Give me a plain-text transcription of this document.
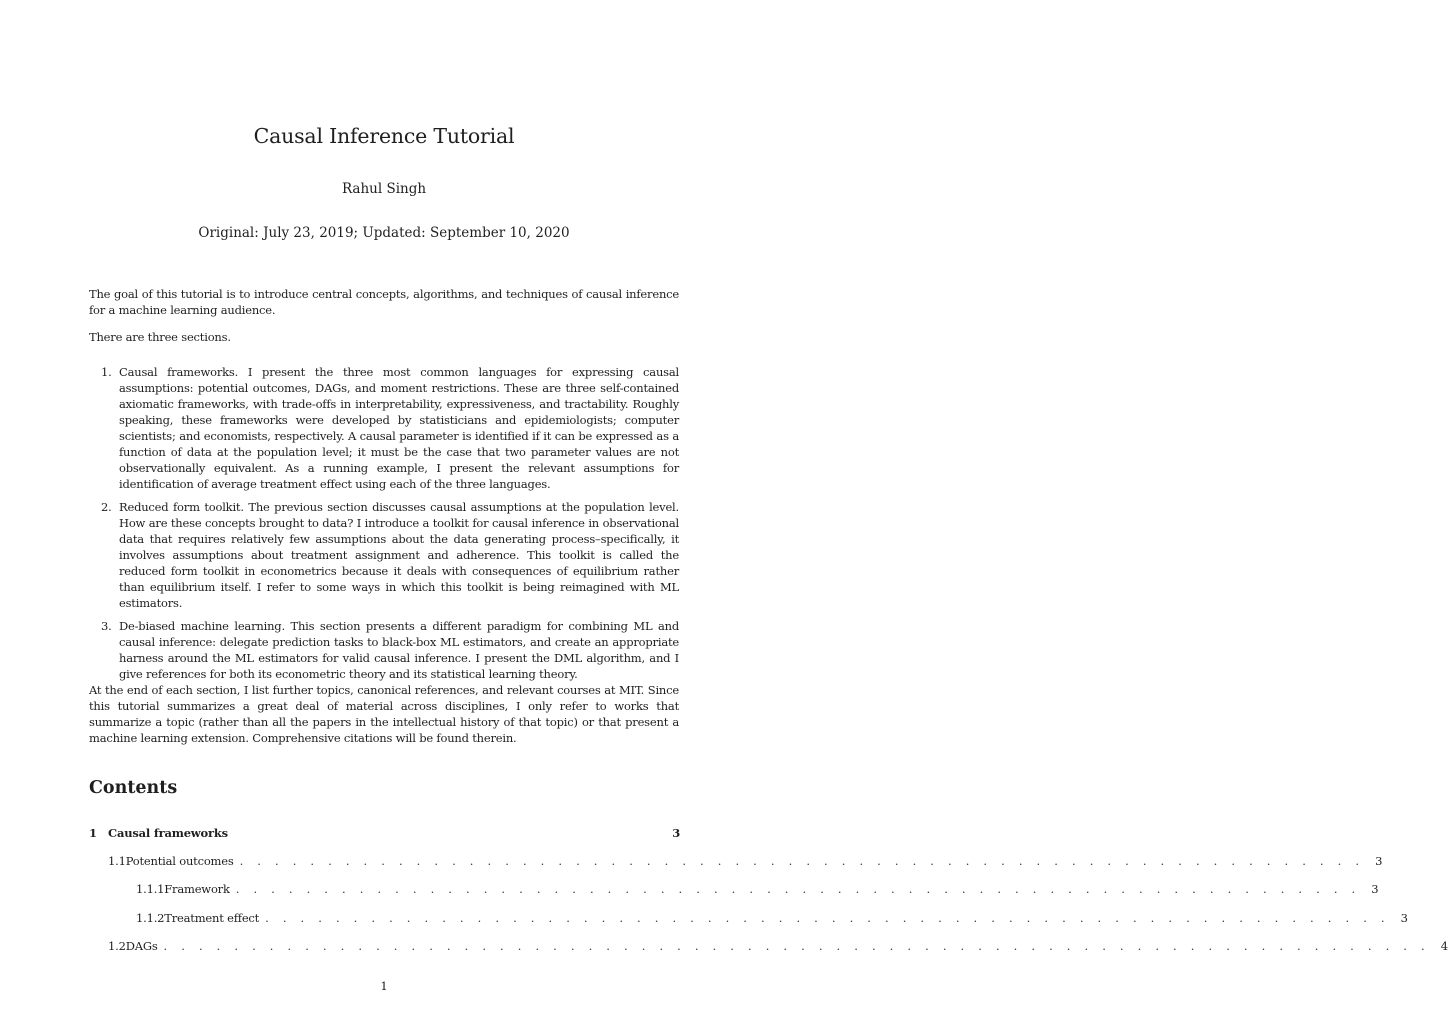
Causal Inference Tutorial
Rahul Singh
Original: July 23, 2019; Updated: September 10, 2020
The goal of this tutorial is to introduce central concepts, algorithms, and techniques of causal inference for a machine learning audience.
There are three sections.
1. Causal frameworks. I present the three most common languages for expressing causal assumptions: potential outcomes, DAGs, and moment restrictions. These are three self-contained axiomatic frameworks, with trade-offs in interpretability, expressiveness, and tractability. Roughly speaking, these frameworks were developed by statisticians and epidemiologists; computer scientists; and economists, respectively. A causal parameter is identified if it can be expressed as a function of data at the population level; it must be the case that two parameter values are not observationally equivalent. As a running example, I present the relevant assumptions for identification of average treatment effect using each of the three languages.
2. Reduced form toolkit. The previous section discusses causal assumptions at the population level. How are these concepts brought to data? I introduce a toolkit for causal inference in observational data that requires relatively few assumptions about the data generating process–specifically, it involves assumptions about treatment assignment and adherence. This toolkit is called the reduced form toolkit in econometrics because it deals with consequences of equilibrium rather than equilibrium itself. I refer to some ways in which this toolkit is being reimagined with ML estimators.
3. De-biased machine learning. This section presents a different paradigm for combining ML and causal inference: delegate prediction tasks to black-box ML estimators, and create an appropriate harness around the ML estimators for valid causal inference. I present the DML algorithm, and I give references for both its econometric theory and its statistical learning theory.
At the end of each section, I list further topics, canonical references, and relevant courses at MIT. Since this tutorial summarizes a great deal of material across disciplines, I only refer to works that summarize a topic (rather than all the papers in the intellectual history of that topic) or that present a machine learning extension. Comprehensive citations will be found therein.
Contents
1 Causal frameworks	3
1.1 Potential outcomes . . . . . . . . . . . . . . . . . . . . . . . . . . . . . . . . . . . . . . . . . . . . . . . . . . . . . . . . . . . . . . . . 3
1.1.1 Framework . . . . . . . . . . . . . . . . . . . . . . . . . . . . . . . . . . . . . . . . . . . . . . . . . . . . . . . . . . . . . . . . 3
1.1.2 Treatment effect . . . . . . . . . . . . . . . . . . . . . . . . . . . . . . . . . . . . . . . . . . . . . . . . . . . . . . . . . . . . . . . . 3
1.2 DAGs . . . . . . . . . . . . . . . . . . . . . . . . . . . . . . . . . . . . . . . . . . . . . . . . . . . . . . . . . . . . . . . . . . . . . . . . 4
1
